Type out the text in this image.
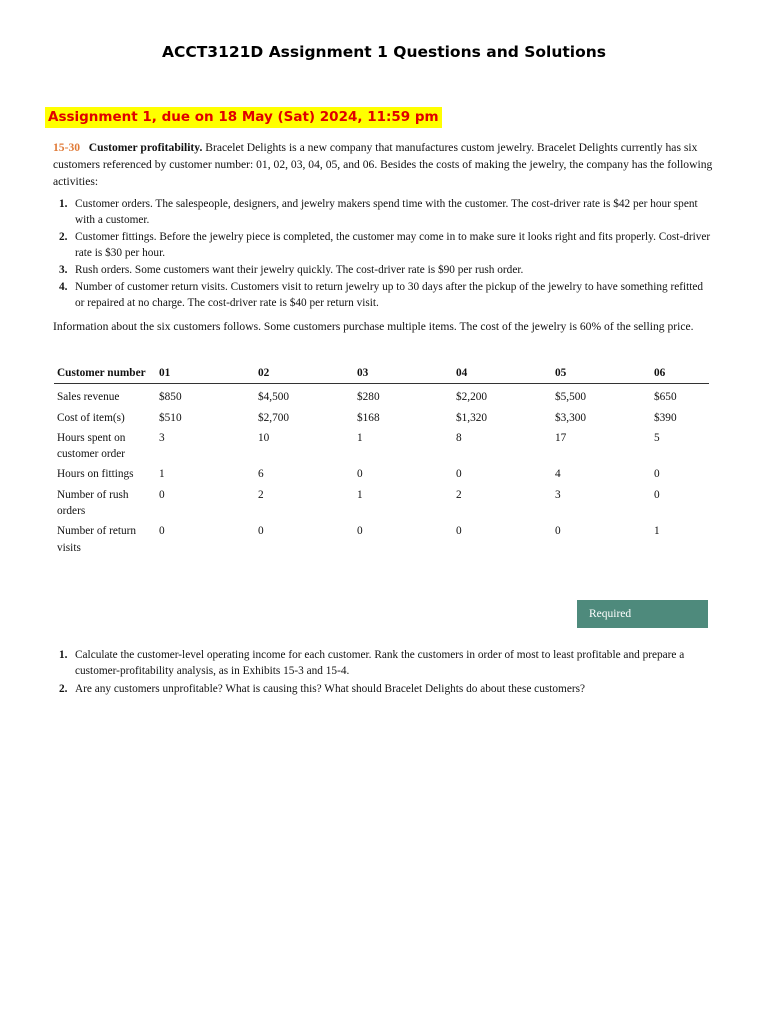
ACCT3121D Assignment 1 Questions and Solutions
Assignment 1, due on 18 May (Sat) 2024, 11:59 pm

15-30 Customer profitability. Bracelet Delights is a new company that manufactures custom jewelry. Bracelet Delights currently has six customers referenced by customer number: 01, 02, 03, 04, 05, and 06. Besides the costs of making the jewelry, the company has the following activities:

1. Customer orders. The salespeople, designers, and jewelry makers spend time with the customer. The cost-driver rate is $42 per hour spent with a customer.
2. Customer fittings. Before the jewelry piece is completed, the customer may come in to make sure it looks right and fits properly. Cost-driver rate is $30 per hour.
3. Rush orders. Some customers want their jewelry quickly. The cost-driver rate is $90 per rush order.
4. Number of customer return visits. Customers visit to return jewelry up to 30 days after the pickup of the jewelry to have something refitted or repaired at no charge. The cost-driver rate is $40 per return visit.

Information about the six customers follows. Some customers purchase multiple items. The cost of the jewelry is 60% of the selling price.

Customer number	01	02	03	04	05	06
Sales revenue	$850	$4,500	$280	$2,200	$5,500	$650
Cost of item(s)	$510	$2,700	$168	$1,320	$3,300	$390
Hours spent on customer order	3	10	1	8	17	5
Hours on fittings	1	6	0	0	4	0
Number of rush orders	0	2	1	2	3	0
Number of return visits	0	0	0	0	0	1
Required
1. Calculate the customer-level operating income for each customer. Rank the customers in order of most to least profitable and prepare a customer-profitability analysis, as in Exhibits 15-3 and 15-4.
2. Are any customers unprofitable? What is causing this? What should Bracelet Delights do about these customers?
